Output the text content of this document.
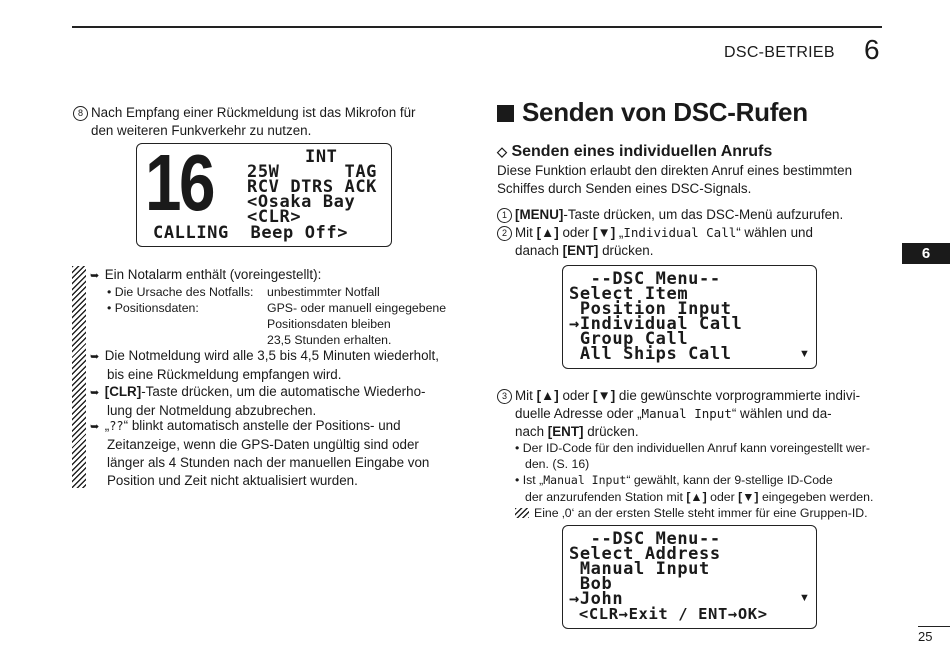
DSC-BETRIEB 6
6
8 Nach Empfang einer Rückmeldung ist das Mikrofon für
den weiteren Funkverkehr zu nutzen.
16	INT
25W      TAG
RCV DTRS ACK
<Osaka Bay
<CLR>
CALLING  Beep Off>
➥ Ein Notalarm enthält (voreingestellt):
• Die Ursache des Notfalls: unbestimmter Notfall
• Positionsdaten:	GPS- oder manuell eingegebene
Positionsdaten bleiben
23,5 Stunden erhalten.
➥ Die Notmeldung wird alle 3,5 bis 4,5 Minuten wiederholt,
bis eine Rückmeldung empfangen wird.
➥ [CLR]-Taste drücken, um die automatische Wiederho-
lung der Notmeldung abzubrechen.
➥ „??“ blinkt automatisch anstelle der Positions- und
Zeitanzeige, wenn die GPS-Daten ungültig sind oder
länger als 4 Stunden nach der manuellen Eingabe von
Position und Zeit nicht aktualisiert wurden.
Senden von DSC-Rufen
◇ Senden eines individuellen Anrufs
Diese Funktion erlaubt den direkten Anruf eines bestimmten
Schiffes durch Senden eines DSC-Signals.
1 [MENU]-Taste drücken, um das DSC-Menü aufzurufen.
2 Mit [▲] oder [▼] „Individual Call“ wählen und
danach [ENT] drücken.
--DSC Menu--
Select Item
Position Input
→Individual Call
Group Call
All Ships Call	▼
3 Mit [▲] oder [▼] die gewünschte vorprogrammierte indivi-
duelle Adresse oder „Manual Input“ wählen und da-
nach [ENT] drücken.
• Der ID-Code für den individuellen Anruf kann voreingestellt wer-
den. (S. 16)
• Ist „Manual Input“ gewählt, kann der 9-stellige ID-Code
der anzurufenden Station mit [▲] oder [▼] eingegeben werden.
Eine ‚0‘ an der ersten Stelle steht immer für eine Gruppen-ID.
--DSC Menu--
Select Address
Manual Input
Bob
→John
<CLR→Exit / ENT→OK>
▼
25
